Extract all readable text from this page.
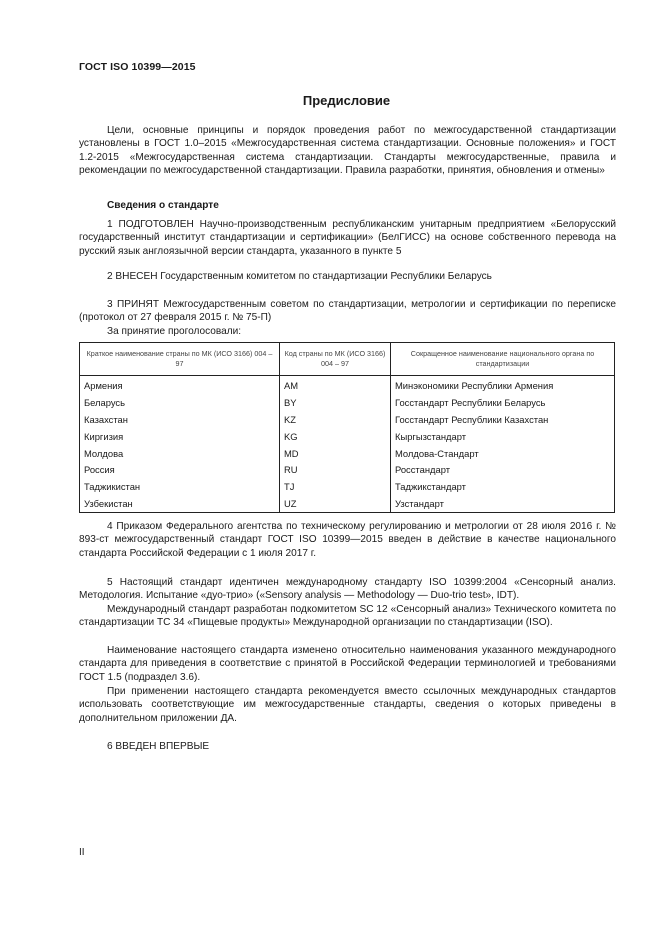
ГОСТ ISO 10399—2015
Предисловие

Цели, основные принципы и порядок проведения работ по межгосударственной стандартизации установлены в ГОСТ 1.0–2015 «Межгосударственная система стандартизации. Основные положения» и ГОСТ 1.2-2015 «Межгосударственная система стандартизации. Стандарты межгосударственные, правила и рекомендации по межгосударственной стандартизации. Правила разработки, принятия, обновления и отмены»

Сведения о стандарте

1 ПОДГОТОВЛЕН Научно-производственным республиканским унитарным предприятием «Белорусский государственный институт стандартизации и сертификации» (БелГИСС) на основе собственного перевода на русский язык англоязычной версии стандарта, указанного в пункте 5

2 ВНЕСЕН Государственным комитетом по стандартизации Республики Беларусь

3 ПРИНЯТ Межгосударственным советом по стандартизации, метрологии и сертификации по переписке (протокол от 27 февраля 2015 г. № 75-П)

За принятие проголосовали:

Краткое наименование страны по МК (ИСО 3166) 004 – 97	Код страны по МК (ИСО 3166) 004 – 97	Сокращенное наименование национального органа по стандартизации
Армения	AM	Минэкономики Республики Армения
Беларусь	BY	Госстандарт Республики Беларусь
Казахстан	KZ	Госстандарт Республики Казахстан
Киргизия	KG	Кыргызстандарт
Молдова	MD	Молдова-Стандарт
Россия	RU	Росстандарт
Таджикистан	TJ	Таджикстандарт
Узбекистан	UZ	Узстандарт

4 Приказом Федерального агентства по техническому регулированию и метрологии от 28 июля 2016 г. № 893-ст межгосударственный стандарт ГОСТ ISO 10399—2015 введен в действие в качестве национального стандарта Российской Федерации с 1 июля 2017 г.

5 Настоящий стандарт идентичен международному стандарту ISO 10399:2004 «Сенсорный анализ. Методология. Испытание «дуо-трио» («Sensory analysis — Methodology — Duo-trio test», IDT).

Международный стандарт разработан подкомитетом SC 12 «Сенсорный анализ» Технического комитета по стандартизации ТС 34 «Пищевые продукты» Международной организации по стандартизации (ISO).

Наименование настоящего стандарта изменено относительно наименования указанного международного стандарта для приведения в соответствие с принятой в Российской Федерации терминологией и требованиями ГОСТ 1.5 (подраздел 3.6).

При применении настоящего стандарта рекомендуется вместо ссылочных международных стандартов использовать соответствующие им межгосударственные стандарты, сведения о которых приведены в дополнительном приложении ДА.

6 ВВЕДЕН ВПЕРВЫЕ

II
